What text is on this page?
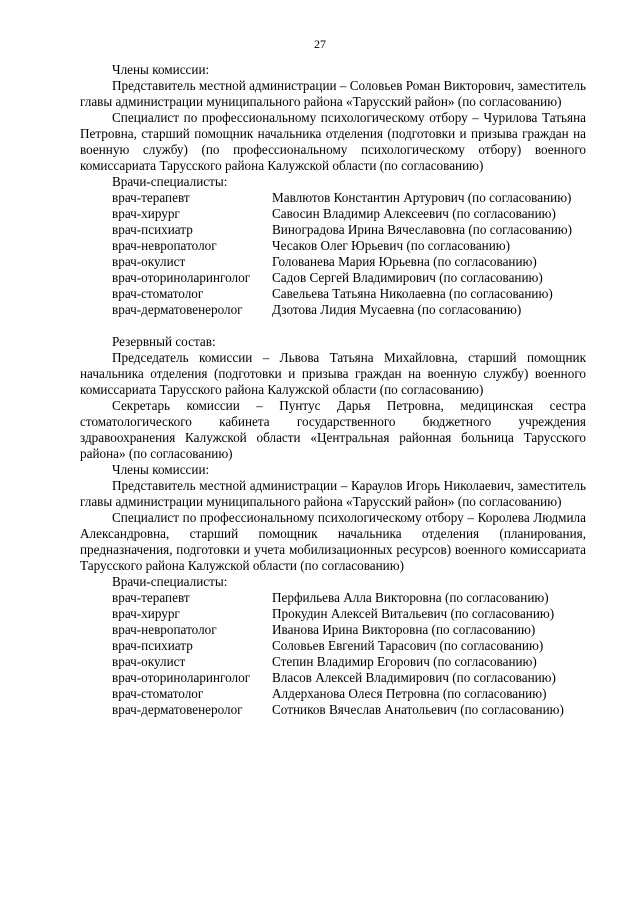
27

Члены комиссии:

Представитель местной администрации – Соловьев Роман Викторович, заместитель главы администрации муниципального района «Тарусский район» (по согласованию)

Специалист по профессиональному психологическому отбору – Чурилова Татьяна Петровна, старший помощник начальника отделения (подготовки и призыва граждан на военную службу) (по профессиональному психологическому отбору) военного комиссариата Тарусского района Калужской области (по согласованию)

Врачи-специалисты:

врач-терапевт	Мавлютов Константин Артурович (по согласованию)
врач-хирург	Савосин Владимир Алексеевич (по согласованию)
врач-психиатр	Виноградова Ирина Вячеславовна (по согласованию)
врач-невропатолог	Чесаков Олег Юрьевич (по согласованию)
врач-окулист	Голованева Мария Юрьевна (по согласованию)
врач-оториноларинголог	Садов Сергей Владимирович (по согласованию)
врач-стоматолог	Савельева Татьяна Николаевна (по согласованию)
врач-дерматовенеролог	Дзотова Лидия Мусаевна (по согласованию)

Резервный состав:

Председатель комиссии – Львова Татьяна Михайловна, старший помощник начальника отделения (подготовки и призыва граждан на военную службу) военного комиссариата Тарусского района Калужской области (по согласованию)

Секретарь комиссии – Пунтус Дарья Петровна, медицинская сестра стоматологического кабинета государственного бюджетного учреждения здравоохранения Калужской области «Центральная районная больница Тарусского района» (по согласованию)

Члены комиссии:

Представитель местной администрации – Караулов Игорь Николаевич, заместитель главы администрации муниципального района «Тарусский район» (по согласованию)

Специалист по профессиональному психологическому отбору – Королева Людмила Александровна, старший помощник начальника отделения (планирования, предназначения, подготовки и учета мобилизационных ресурсов) военного комиссариата Тарусского района Калужской области (по согласованию)

Врачи-специалисты:

врач-терапевт	Перфильева Алла Викторовна (по согласованию)
врач-хирург	Прокудин Алексей Витальевич (по согласованию)
врач-невропатолог	Иванова Ирина Викторовна (по согласованию)
врач-психиатр	Соловьев Евгений Тарасович (по согласованию)
врач-окулист	Степин Владимир Егорович (по согласованию)
врач-оториноларинголог	Власов Алексей Владимирович (по согласованию)
врач-стоматолог	Алдерханова Олеся Петровна (по согласованию)
врач-дерматовенеролог	Сотников Вячеслав Анатольевич (по согласованию)
